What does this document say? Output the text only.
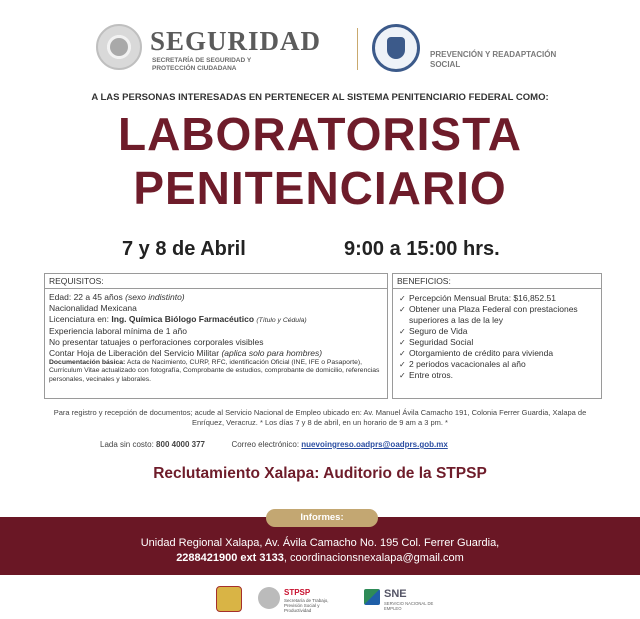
SEGURIDAD
SECRETARÍA DE SEGURIDAD Y PROTECCIÓN CIUDADANA
PREVENCIÓN Y READAPTACIÓN SOCIAL
A LAS PERSONAS INTERESADAS EN PERTENECER AL SISTEMA PENITENCIARIO FEDERAL COMO:
LABORATORISTA
PENITENCIARIO
7 y 8 de Abril	9:00 a 15:00 hrs.
REQUISITOS:
Edad: 22 a 45 años (sexo indistinto)
Nacionalidad Mexicana
Licenciatura en: Ing. Química Biólogo Farmacéutico (Título y Cédula)
Experiencia laboral mínima de 1 año
No presentar tatuajes o perforaciones corporales visibles
Contar Hoja de Liberación del Servicio Militar (aplica solo para hombres)
Documentación básica: Acta de Nacimiento, CURP, RFC, identificación Oficial (INE, IFE o Pasaporte), Currículum Vitae actualizado con fotografía, Comprobante de estudios, comprobante de domicilio, referencias personales, vecinales y laborales.
BENEFICIOS:
✓ Percepción Mensual Bruta: $16,852.51
✓ Obtener una Plaza Federal con prestaciones superiores a las de la ley
✓ Seguro de Vida
✓ Seguridad Social
✓ Otorgamiento de crédito para vivienda
✓ 2 periodos vacacionales al año
✓ Entre otros.
Para registro y recepción de documentos; acude al Servicio Nacional de Empleo ubicado en: Av. Manuel Ávila Camacho 191, Colonia Ferrer Guardia, Xalapa de Enríquez, Veracruz. * Los días 7 y 8 de abril, en un horario de 9 am a 3 pm. *
Lada sin costo: 800 4000 377	Correo electrónico: nuevoingreso.oadprs@oadprs.gob.mx
Reclutamiento Xalapa: Auditorio de la STPSP
Informes:
Unidad Regional Xalapa, Av. Ávila Camacho No. 195 Col. Ferrer Guardia,
2288421900 ext 3133, coordinacionsnexalapa@gmail.com
STPSP
Secretaría de Trabajo, Previsión Social y Productividad
SNE
SERVICIO NACIONAL DE EMPLEO
